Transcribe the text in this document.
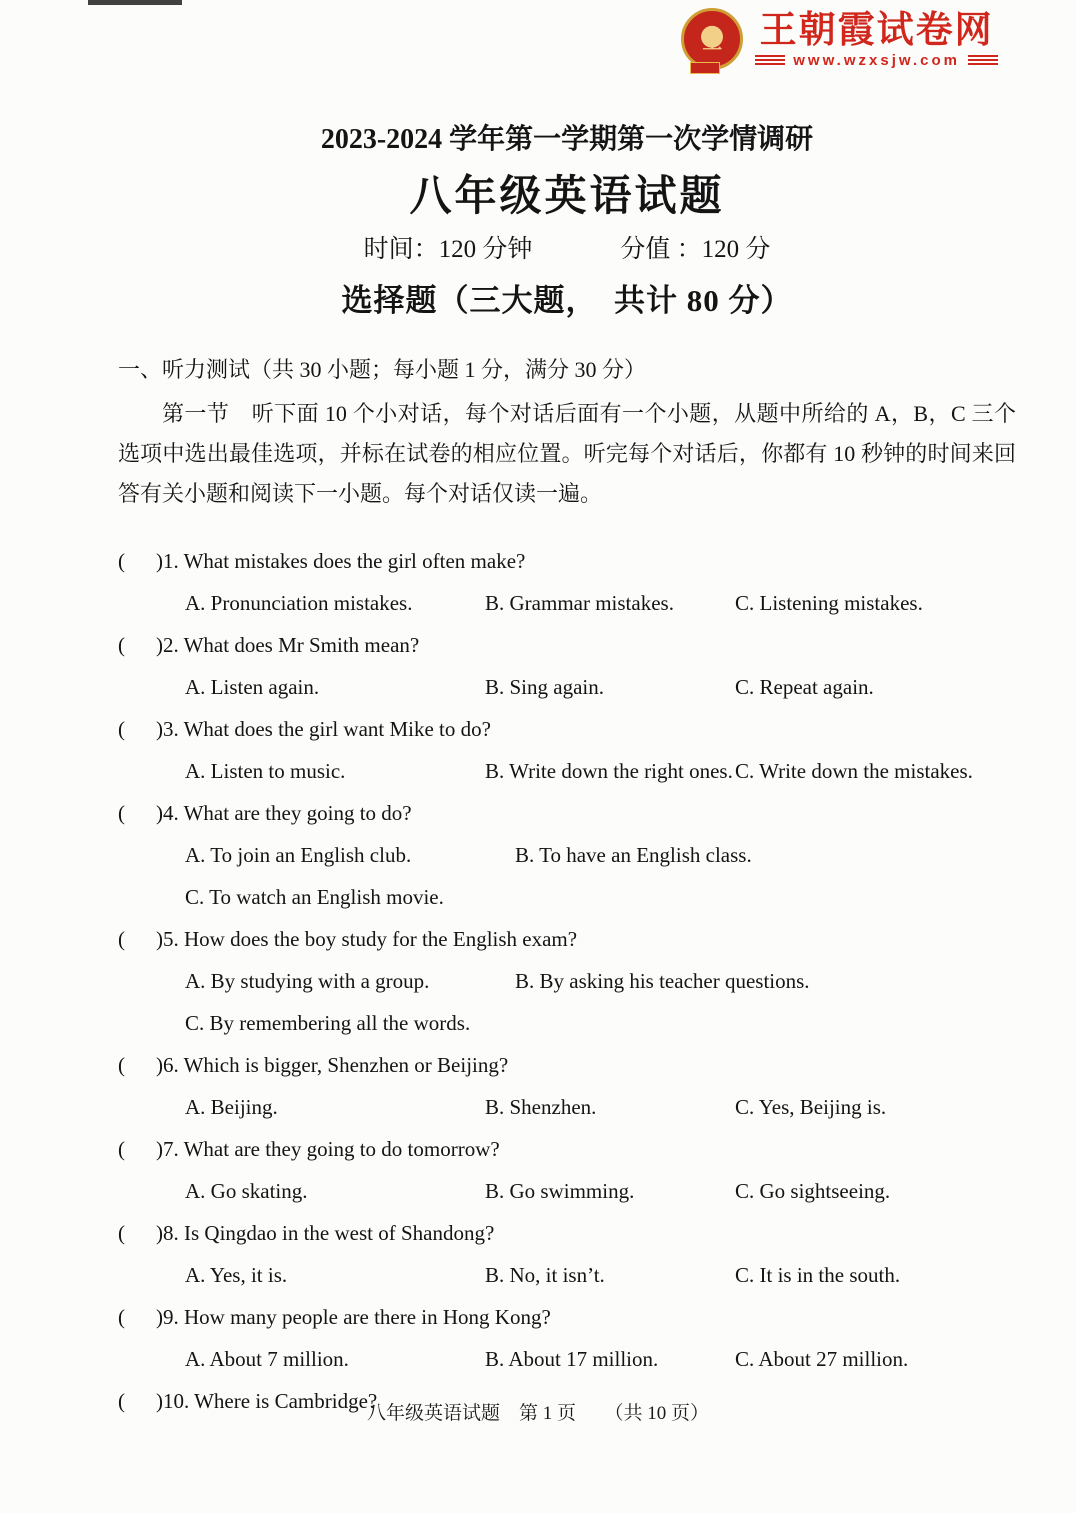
王 王朝霞试卷网
www.wzxsjw.com
2023-2024 学年第一学期第一次学情调研
八年级英语试题
时间：120 分钟	分值 ：120 分
选择题（三大题，　共计 80 分）
一、听力测试（共 30 小题；每小题 1 分，满分 30 分）
第一节　听下面 10 个小对话，每个对话后面有一个小题，从题中所给的 A，B，C 三个选项中选出最佳选项，并标在试卷的相应位置。听完每个对话后，你都有 10 秒钟的时间来回答有关小题和阅读下一小题。每个对话仅读一遍。
( )1. What mistakes does the girl often make?
A. Pronunciation mistakes.	B. Grammar mistakes.	C. Listening mistakes.
( )2. What does Mr Smith mean?
A. Listen again.	B. Sing again.	C. Repeat again.
( )3. What does the girl want Mike to do?
A. Listen to music.	B. Write down the right ones. C. Write down the mistakes.
( )4. What are they going to do?
A. To join an English club.	B. To have an English class.
C. To watch an English movie.
( )5. How does the boy study for the English exam?
A. By studying with a group.	B. By asking his teacher questions.
C. By remembering all the words.
( )6. Which is bigger, Shenzhen or Beijing?
A. Beijing.	B. Shenzhen.	C. Yes, Beijing is.
( )7. What are they going to do tomorrow?
A. Go skating.	B. Go swimming.	C. Go sightseeing.
( )8. Is Qingdao in the west of Shandong?
A. Yes, it is.	B. No, it isn’t.	C. It is in the south.
( )9. How many people are there in Hong Kong?
A. About 7 million.	B. About 17 million.	C. About 27 million.
( )10. Where is Cambridge?
八年级英语试题　第 1 页　　（共 10 页）
